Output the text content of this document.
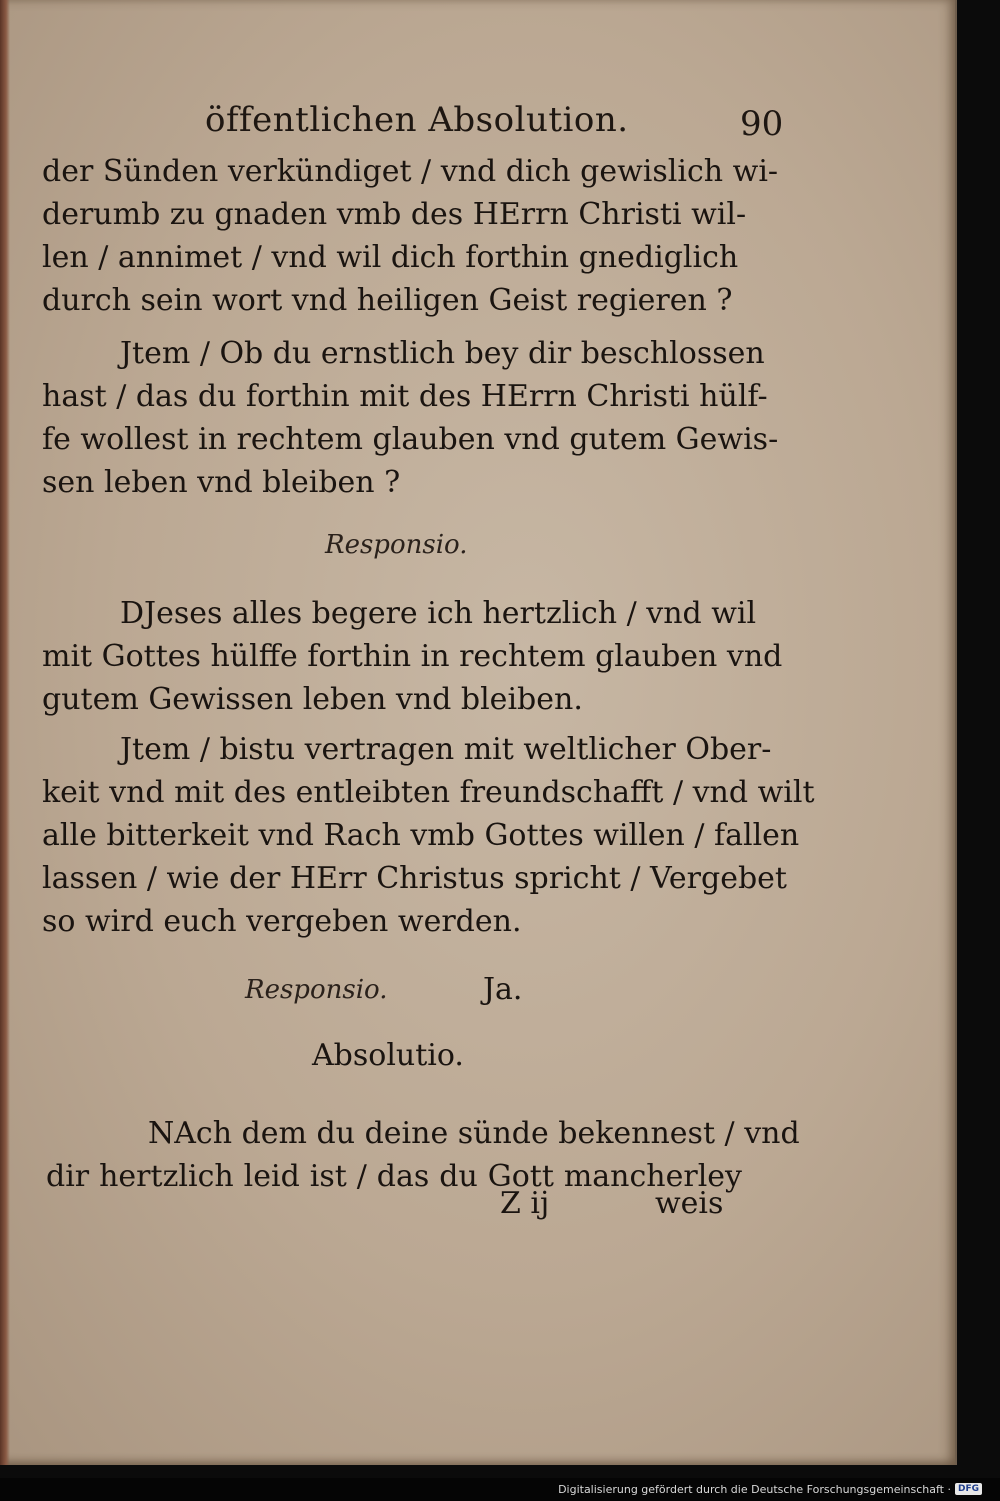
öffentlichen Absolution.	90
der Sünden verkündiget / vnd dich gewislich wi-
derumb zu gnaden vmb des HErrn Christi wil-
len / annimet / vnd wil dich forthin gnediglich
durch sein wort vnd heiligen Geist regieren ?
Jtem / Ob du ernstlich bey dir beschlossen
hast / das du forthin mit des HErrn Christi hülf-
fe wollest in rechtem glauben vnd gutem Gewis-
sen leben vnd bleiben ?
Responsio.
DJeses alles begere ich hertzlich / vnd wil
mit Gottes hülffe forthin in rechtem glauben vnd
gutem Gewissen leben vnd bleiben.
Jtem / bistu vertragen mit weltlicher Ober-
keit vnd mit des entleibten freundschafft / vnd wilt
alle bitterkeit vnd Rach vmb Gottes willen / fallen
lassen / wie der HErr Christus spricht / Vergebet
so wird euch vergeben werden.
Responsio.	Ja.
Absolutio.
NAch dem du deine sünde bekennest / vnd
dir hertzlich leid ist / das du Gott mancherley
Z ij	weis
Digitalisierung gefördert durch die Deutsche Forschungsgemeinschaft · DFG
